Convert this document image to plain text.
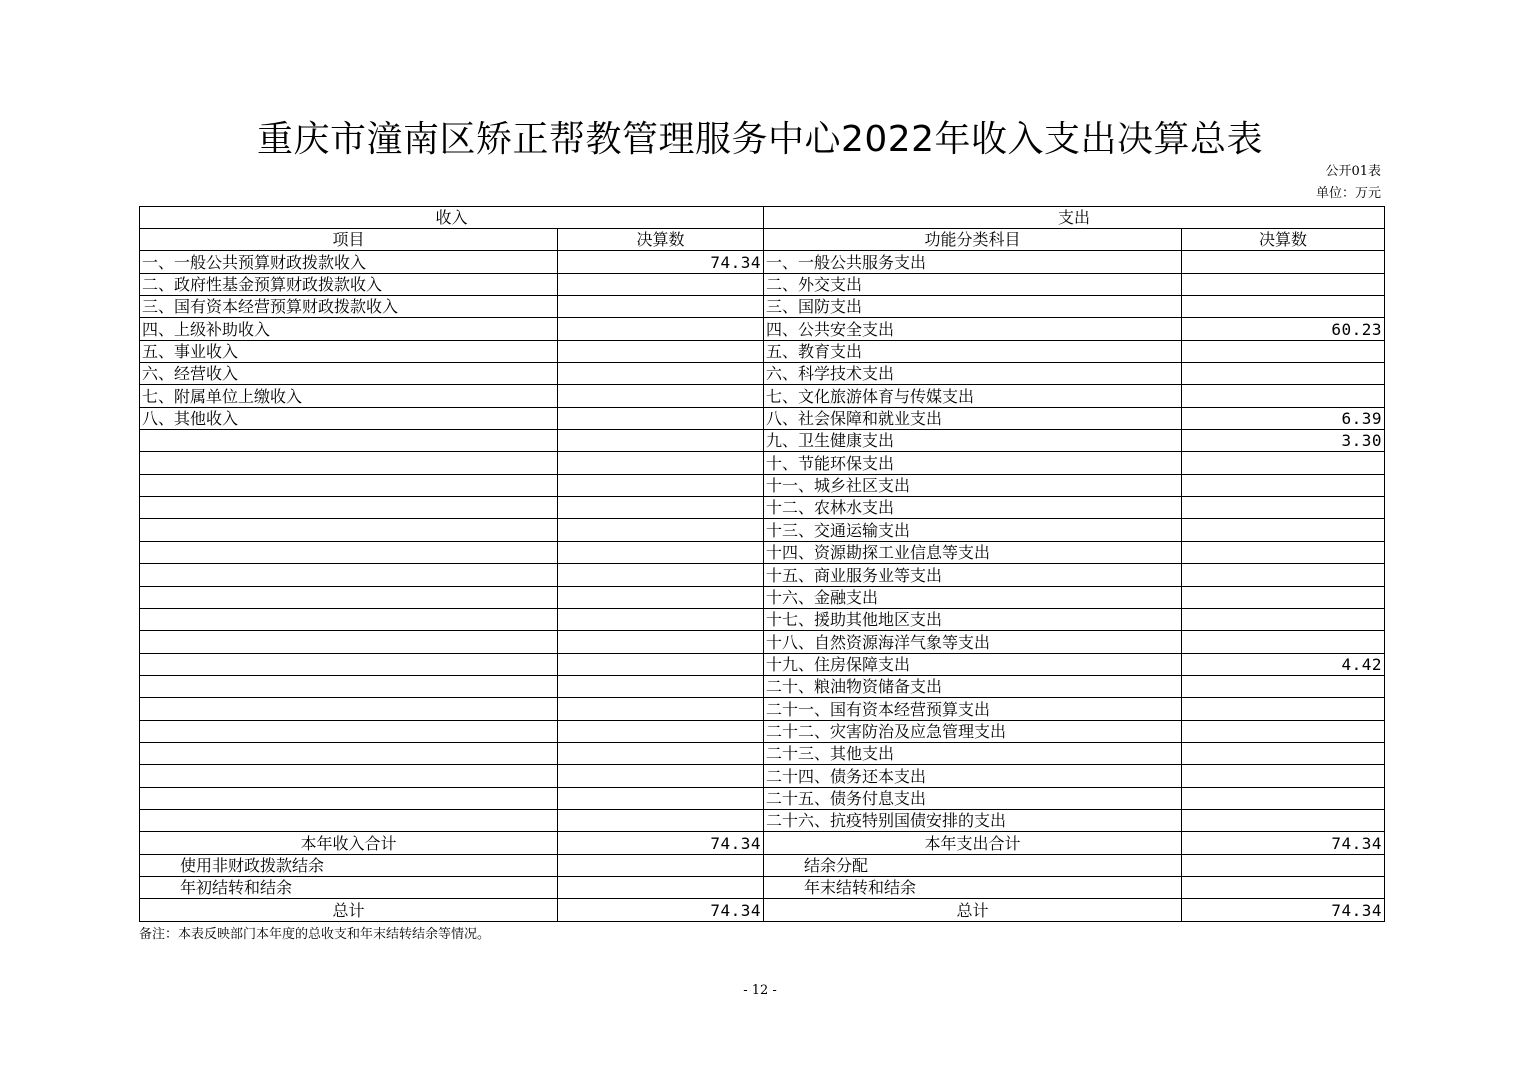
重庆市潼南区矫正帮教管理服务中心2022年收入支出决算总表
公开01表
单位：万元
收入		支出	
项目	决算数	功能分类科目	决算数
一、一般公共预算财政拨款收入	74.34	一、一般公共服务支出	
二、政府性基金预算财政拨款收入		二、外交支出	
三、国有资本经营预算财政拨款收入		三、国防支出	
四、上级补助收入		四、公共安全支出	60.23
五、事业收入		五、教育支出	
六、经营收入		六、科学技术支出	
七、附属单位上缴收入		七、文化旅游体育与传媒支出	
八、其他收入		八、社会保障和就业支出	6.39
		九、卫生健康支出	3.30
		十、节能环保支出	
		十一、城乡社区支出	
		十二、农林水支出	
		十三、交通运输支出	
		十四、资源勘探工业信息等支出	
		十五、商业服务业等支出	
		十六、金融支出	
		十七、援助其他地区支出	
		十八、自然资源海洋气象等支出	
		十九、住房保障支出	4.42
		二十、粮油物资储备支出	
		二十一、国有资本经营预算支出	
		二十二、灾害防治及应急管理支出	
		二十三、其他支出	
		二十四、债务还本支出	
		二十五、债务付息支出	
		二十六、抗疫特别国债安排的支出	
本年收入合计	74.34	本年支出合计	74.34
使用非财政拨款结余		结余分配	
年初结转和结余		年末结转和结余	
总计	74.34	总计	74.34
备注：本表反映部门本年度的总收支和年末结转结余等情况。
- 12 -
